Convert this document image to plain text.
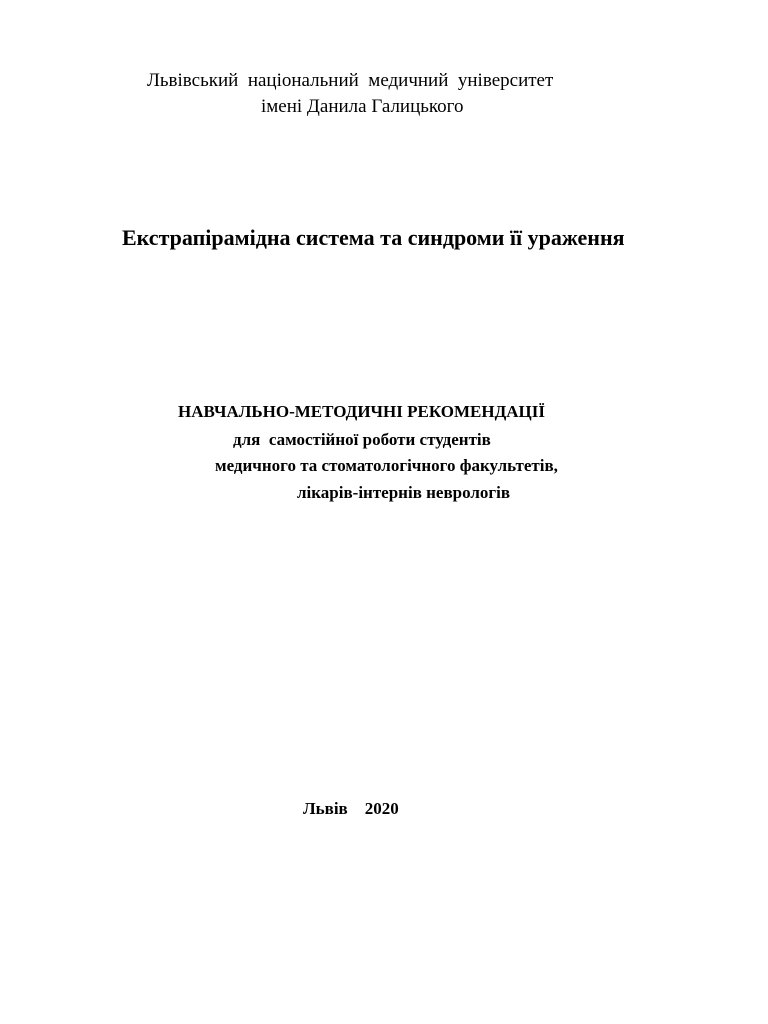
Львівський  національний  медичний  університет
імені Данила Галицького
Екстрапірамідна система та синдроми її ураження
НАВЧАЛЬНО-МЕТОДИЧНІ РЕКОМЕНДАЦІЇ
для  самостійної роботи студентів
медичного та стоматологічного факультетів,
лікарів-інтернів неврологів
Львів    2020
